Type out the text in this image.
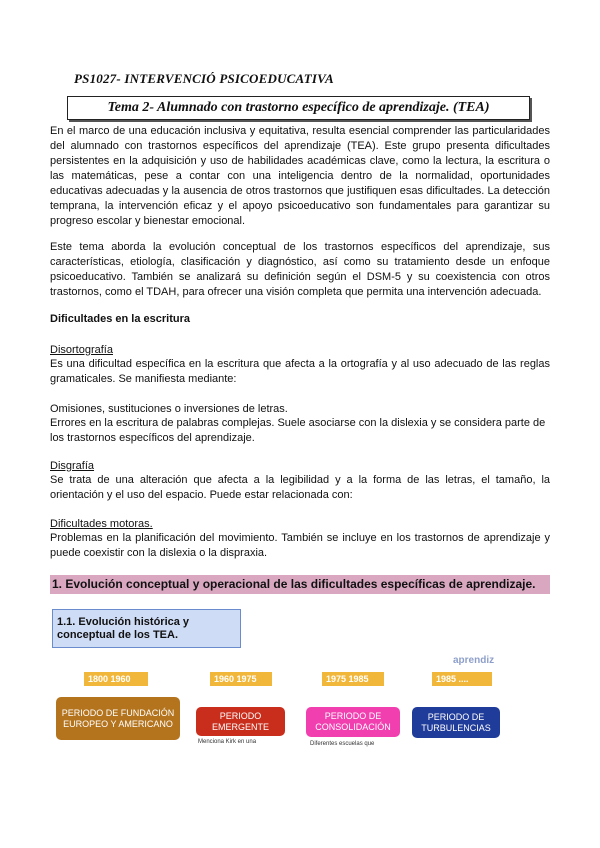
PS1027- INTERVENCIÓ PSICOEDUCATIVA
Tema 2- Alumnado con trastorno específico de aprendizaje. (TEA)
En el marco de una educación inclusiva y equitativa, resulta esencial comprender las particularidades del alumnado con trastornos específicos del aprendizaje (TEA). Este grupo presenta dificultades persistentes en la adquisición y uso de habilidades académicas clave, como la lectura, la escritura o las matemáticas, pese a contar con una inteligencia dentro de la normalidad, oportunidades educativas adecuadas y la ausencia de otros trastornos que justifiquen esas dificultades. La detección temprana, la intervención eficaz y el apoyo psicoeducativo son fundamentales para garantizar su progreso escolar y bienestar emocional.
Este tema aborda la evolución conceptual de los trastornos específicos del aprendizaje, sus características, etiología, clasificación y diagnóstico, así como su tratamiento desde un enfoque psicoeducativo. También se analizará su definición según el DSM-5 y su coexistencia con otros trastornos, como el TDAH, para ofrecer una visión completa que permita una intervención adecuada.
Dificultades en la escritura
Disortografía
Es una dificultad específica en la escritura que afecta a la ortografía y al uso adecuado de las reglas gramaticales. Se manifiesta mediante:
Omisiones, sustituciones o inversiones de letras.
Errores en la escritura de palabras complejas. Suele asociarse con la dislexia y se considera parte de los trastornos específicos del aprendizaje.
Disgrafía
Se trata de una alteración que afecta a la legibilidad y a la forma de las letras, el tamaño, la orientación y el uso del espacio. Puede estar relacionada con:
Dificultades motoras.
Problemas en la planificación del movimiento. También se incluye en los trastornos de aprendizaje y puede coexistir con la dislexia o la dispraxia.
1. Evolución conceptual y operacional de las dificultades específicas de aprendizaje.
1.1. Evolución histórica y conceptual de los TEA.
aprendiz
1800 1960	1960 1975	1975 1985	1985 ....
PERIODO DE FUNDACIÓN EUROPEO Y AMERICANO
PERIODO EMERGENTE
PERIODO DE CONSOLIDACIÓN
PERIODO DE TURBULENCIAS
Menciona Kirk en una	Diferentes escuelas que
